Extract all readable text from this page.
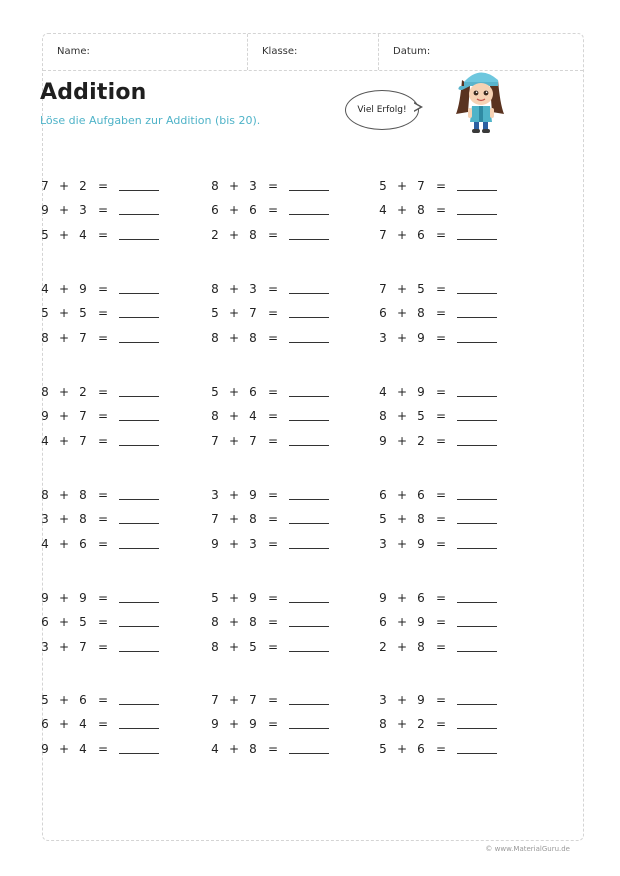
Name:	Klasse:	Datum:
Addition
Löse die Aufgaben zur Addition (bis 20).
Viel Erfolg!
7 + 2 =
9 + 3 =
5 + 4 =
8 + 3 =
6 + 6 =
2 + 8 =
5 + 7 =
4 + 8 =
7 + 6 =
4 + 9 =
5 + 5 =
8 + 7 =
8 + 3 =
5 + 7 =
8 + 8 =
7 + 5 =
6 + 8 =
3 + 9 =
8 + 2 =
9 + 7 =
4 + 7 =
5 + 6 =
8 + 4 =
7 + 7 =
4 + 9 =
8 + 5 =
9 + 2 =
8 + 8 =
3 + 8 =
4 + 6 =
3 + 9 =
7 + 8 =
9 + 3 =
6 + 6 =
5 + 8 =
3 + 9 =
9 + 9 =
6 + 5 =
3 + 7 =
5 + 9 =
8 + 8 =
8 + 5 =
9 + 6 =
6 + 9 =
2 + 8 =
5 + 6 =
6 + 4 =
9 + 4 =
7 + 7 =
9 + 9 =
4 + 8 =
3 + 9 =
8 + 2 =
5 + 6 =
© www.MaterialGuru.de
